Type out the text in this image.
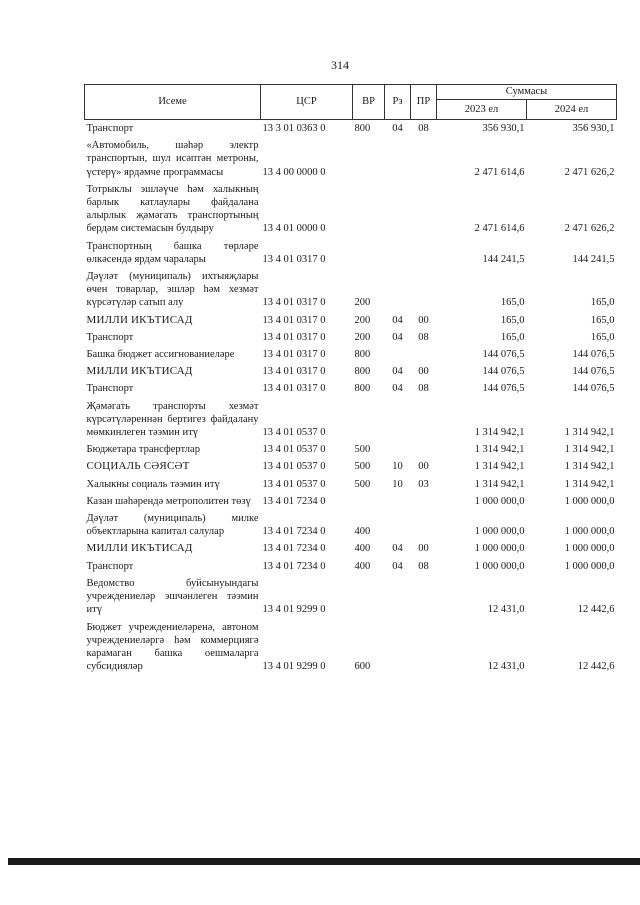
314
Исеме	ЦСР	ВР	Рз	ПР	Суммасы	
					2023 ел	2024 ел
Транспорт	13 3 01 0363 0	800	04	08	356 930,1	356 930,1
«Автомобиль, шәһәр электр транспортын, шул исәптән метроны, үстерү» ярдәмче программасы	13 4 00 0000 0				2 471 614,6	2 471 626,2
Тотрыклы эшләүче һәм халыкның барлык катлаулары файдалана алырлык җәмәгать транспортының бердәм системасын булдыру	13 4 01 0000 0				2 471 614,6	2 471 626,2
Транспортның башка төрләре өлкәсендә ярдәм чаралары	13 4 01 0317 0				144 241,5	144 241,5
Дәүләт (муниципаль) ихтыяҗлары өчен товарлар, эшләр һәм хезмәт күрсәтүләр сатып алу	13 4 01 0317 0	200			165,0	165,0
МИЛЛИ ИКЪТИСАД	13 4 01 0317 0	200	04	00	165,0	165,0
Транспорт	13 4 01 0317 0	200	04	08	165,0	165,0
Башка бюджет ассигнованиеләре	13 4 01 0317 0	800			144 076,5	144 076,5
МИЛЛИ ИКЪТИСАД	13 4 01 0317 0	800	04	00	144 076,5	144 076,5
Транспорт	13 4 01 0317 0	800	04	08	144 076,5	144 076,5
Җәмәгать транспорты хезмәт күрсәтүләреннән бертигез файдалану мөмкинлеген тәэмин итү	13 4 01 0537 0				1 314 942,1	1 314 942,1
Бюджетара трансфертлар	13 4 01 0537 0	500			1 314 942,1	1 314 942,1
СОЦИАЛЬ СӘЯСӘТ	13 4 01 0537 0	500	10	00	1 314 942,1	1 314 942,1
Халыкны социаль тәэмин итү	13 4 01 0537 0	500	10	03	1 314 942,1	1 314 942,1
Казан шәһәрендә метрополитен төзү	13 4 01 7234 0				1 000 000,0	1 000 000,0
Дәүләт (муниципаль) милке объектларына капитал салулар	13 4 01 7234 0	400			1 000 000,0	1 000 000,0
МИЛЛИ ИКЪТИСАД	13 4 01 7234 0	400	04	00	1 000 000,0	1 000 000,0
Транспорт	13 4 01 7234 0	400	04	08	1 000 000,0	1 000 000,0
Ведомство буйсынуындагы учреждениеләр эшчәнлеген тәэмин итү	13 4 01 9299 0				12 431,0	12 442,6
Бюджет учреждениеләренә, автоном учреждениеләргә һәм коммерциягә карамаган башка оешмаларга субсидияләр	13 4 01 9299 0	600			12 431,0	12 442,6
